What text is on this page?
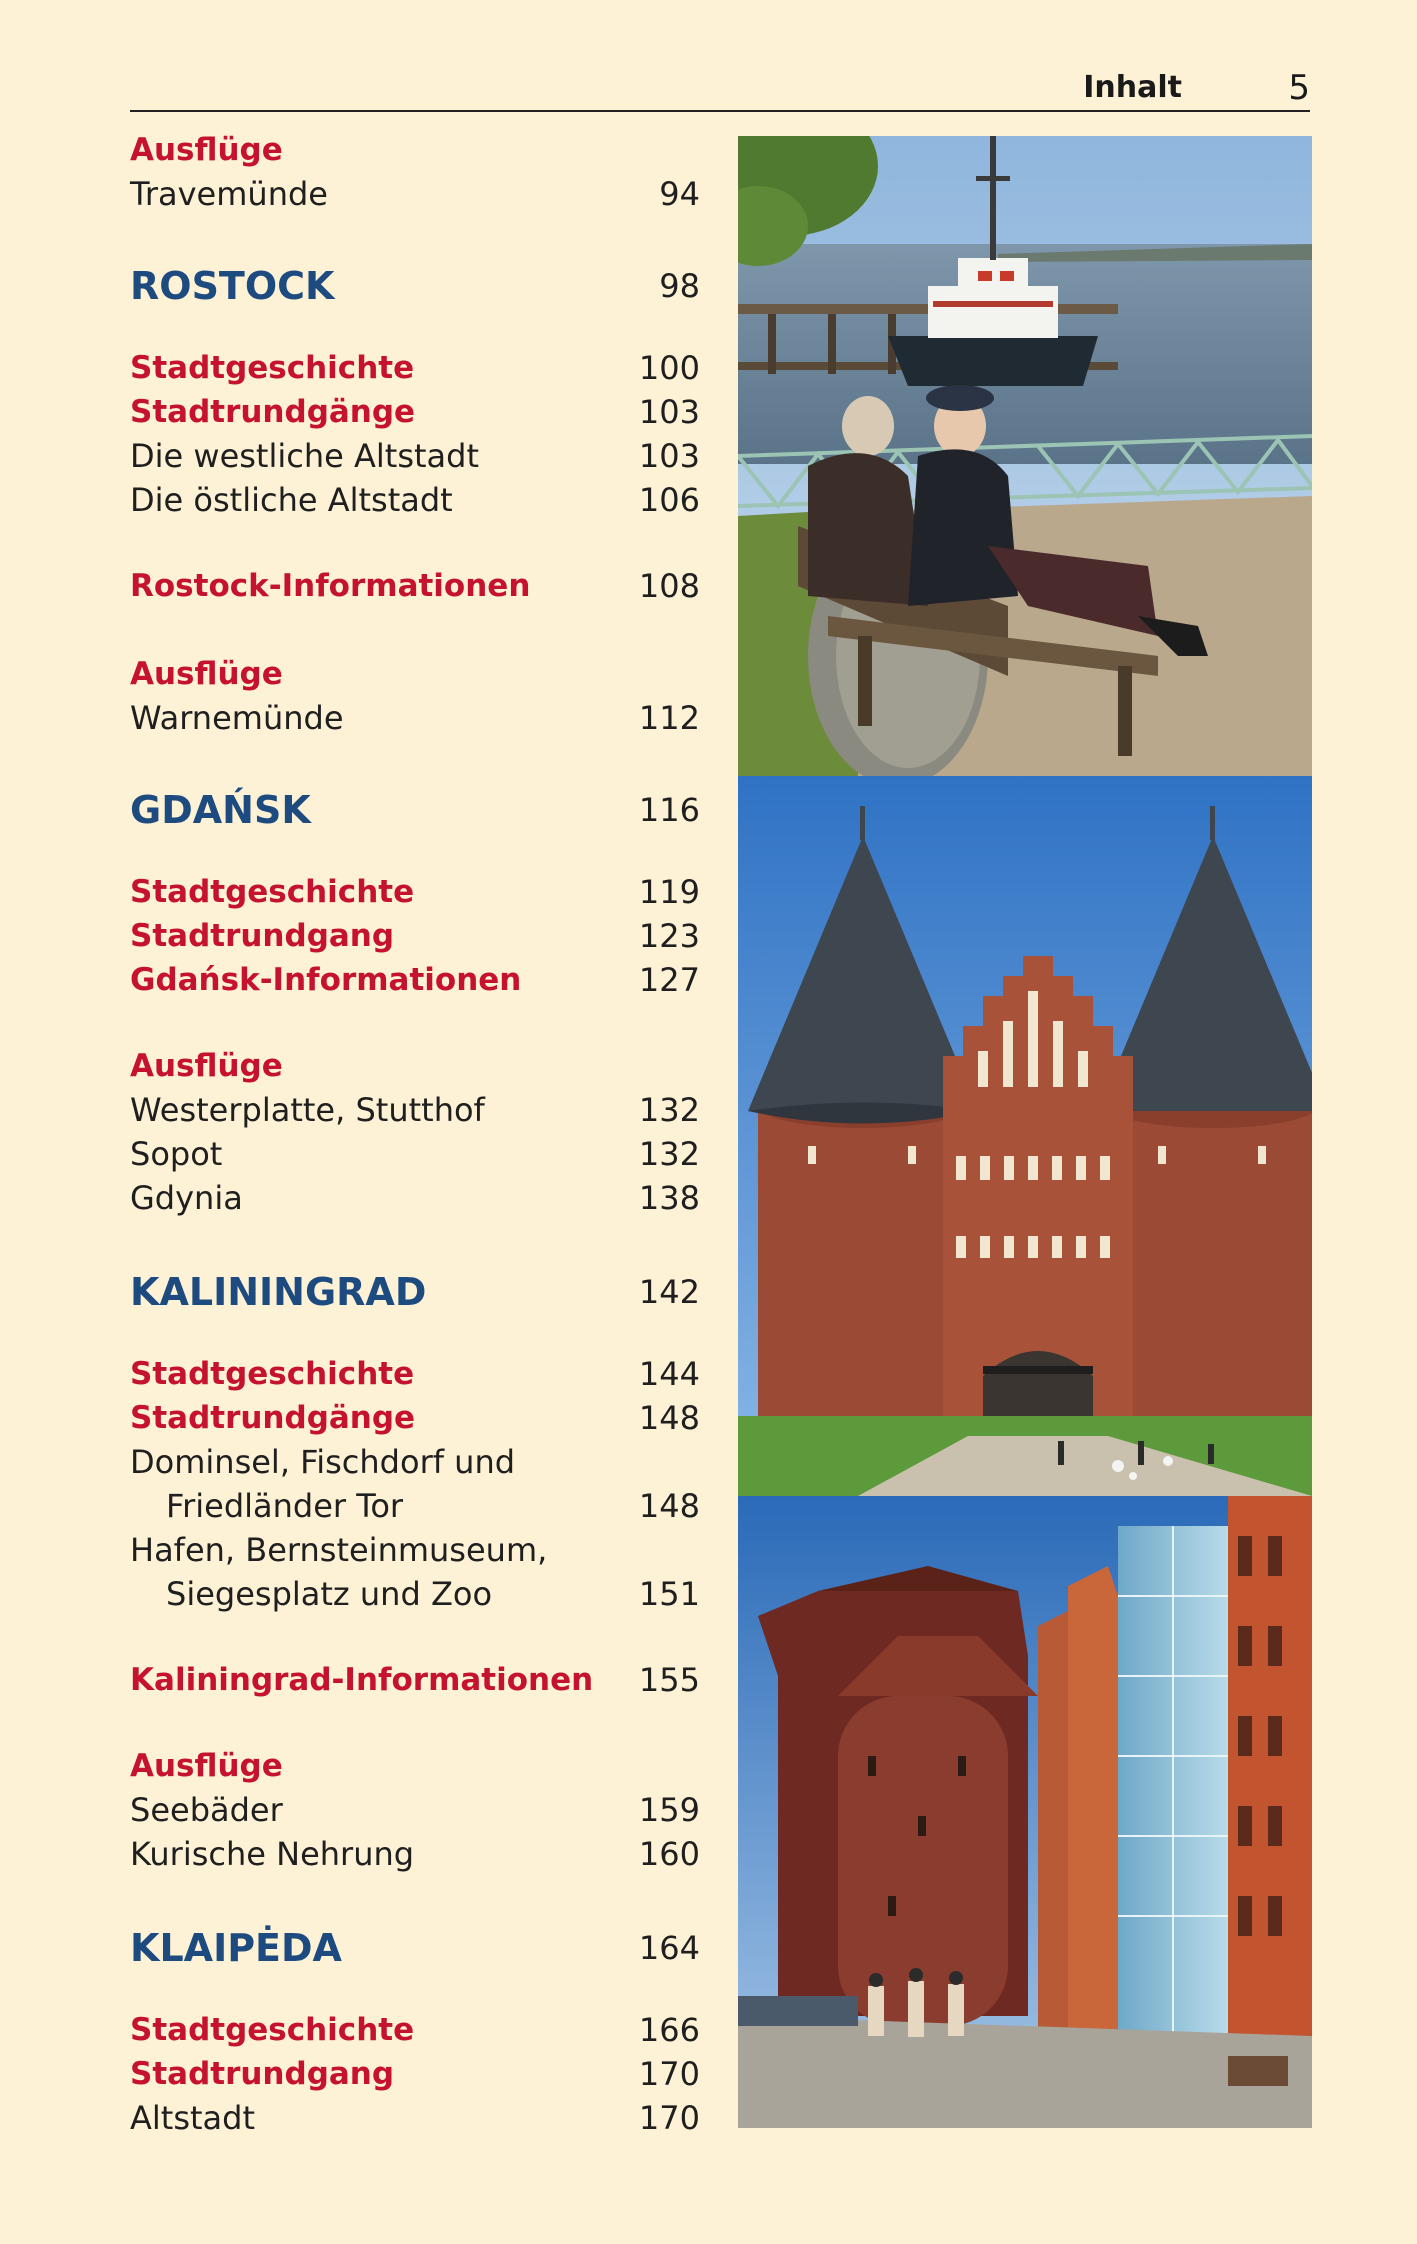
Inhalt	5
Ausflüge
Travemünde	94
ROSTOCK	98
Stadtgeschichte	100
Stadtrundgänge	103
Die westliche Altstadt	103
Die östliche Altstadt	106
Rostock-Informationen	108
Ausflüge
Warnemünde	112
GDAŃSK	116
Stadtgeschichte	119
Stadtrundgang	123
Gdańsk-Informationen	127
Ausflüge
Westerplatte, Stutthof	132
Sopot	132
Gdynia	138
KALININGRAD	142
Stadtgeschichte	144
Stadtrundgänge	148
Dominsel, Fischdorf und
Friedländer Tor	148
Hafen, Bernsteinmuseum,
Siegesplatz und Zoo	151
Kaliningrad-Informationen 155
Ausflüge
Seebäder	159
Kurische Nehrung	160
KLAIPĖDA	164
Stadtgeschichte	166
Stadtrundgang	170
Altstadt	170
